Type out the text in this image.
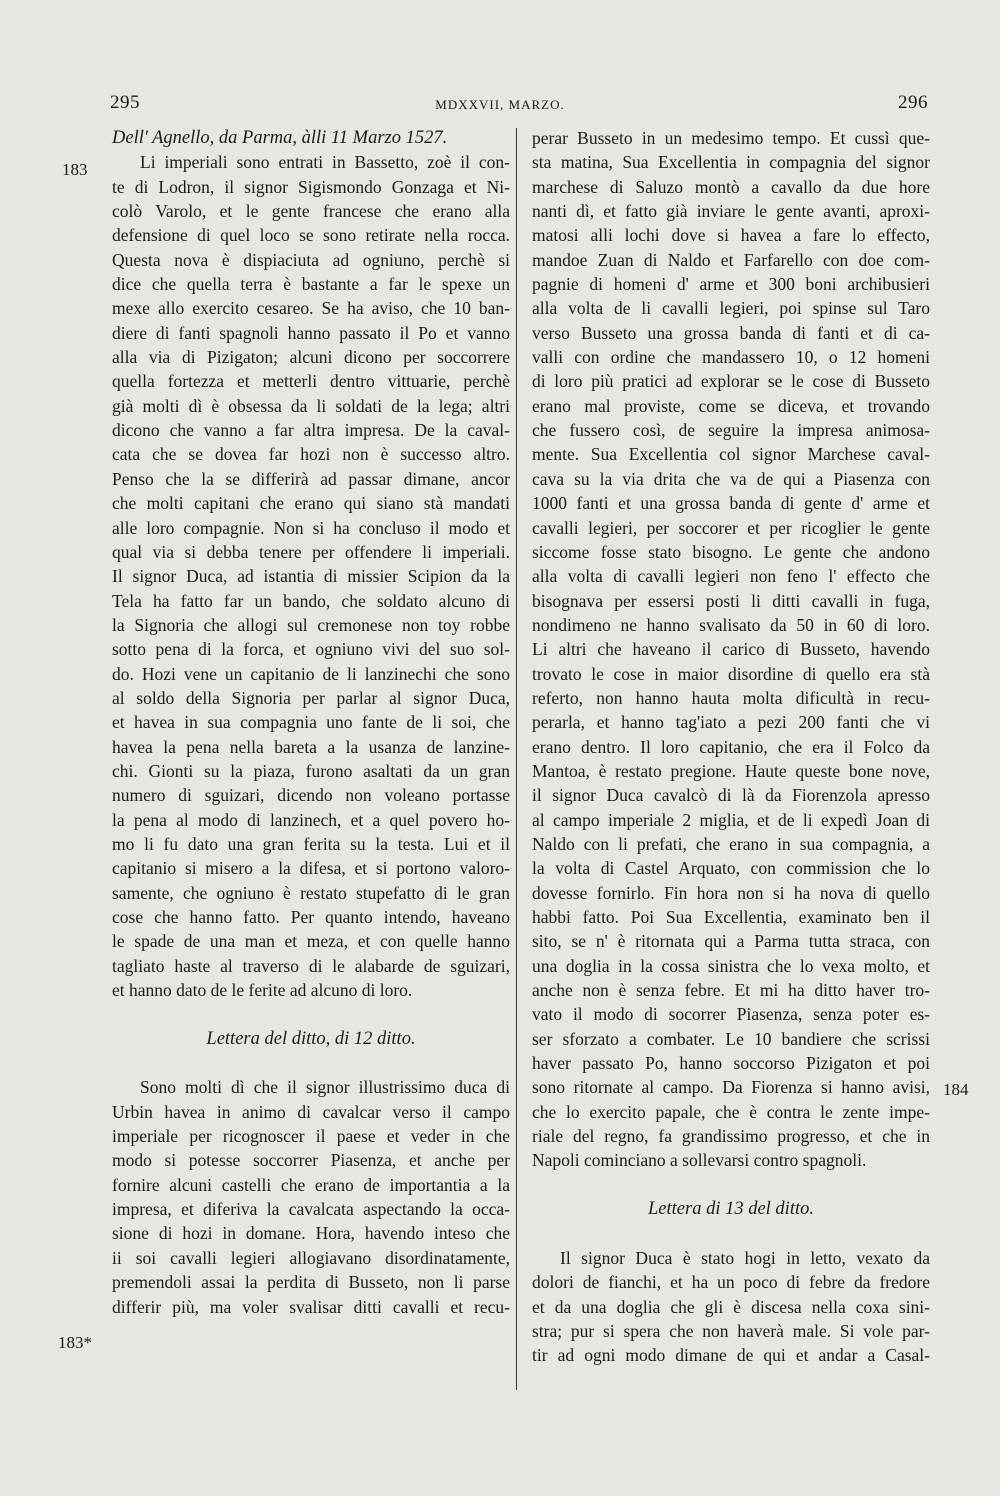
295	MDXXVII, MARZO.	296
183
183*
184
Dell' Agnello, da Parma, àlli 11 Marzo 1527.
Li imperiali sono entrati in Bassetto, zoè il con-
te di Lodron, il signor Sigismondo Gonzaga et Ni-
colò Varolo, et le gente francese che erano alla
defensione di quel loco se sono retirate nella rocca.
Questa nova è dispiaciuta ad ogniuno, perchè si
dice che quella terra è bastante a far le spexe un
mexe allo exercito cesareo. Se ha aviso, che 10 ban-
diere di fanti spagnoli hanno passato il Po et vanno
alla via di Pizigaton; alcuni dicono per soccorrere
quella fortezza et metterli dentro vittuarie, perchè
già molti dì è obsessa da li soldati de la lega; altri
dicono che vanno a far altra impresa. De la caval-
cata che se dovea far hozi non è successo altro.
Penso che la se differirà ad passar dimane, ancor
che molti capitani che erano qui siano stà mandati
alle loro compagnie. Non si ha concluso il modo et
qual via si debba tenere per offendere li imperiali.
Il signor Duca, ad istantia di missier Scipion da la
Tela ha fatto far un bando, che soldato alcuno di
la Signoria che allogi sul cremonese non toy robbe
sotto pena di la forca, et ogniuno vivi del suo sol-
do. Hozi vene un capitanio de li lanzinechi che sono
al soldo della Signoria per parlar al signor Duca,
et havea in sua compagnia uno fante de li soi, che
havea la pena nella bareta a la usanza de lanzine-
chi. Gionti su la piaza, furono asaltati da un gran
numero di sguizari, dicendo non voleano portasse
la pena al modo di lanzinech, et a quel povero ho-
mo li fu dato una gran ferita su la testa. Lui et il
capitanio si misero a la difesa, et si portono valoro-
samente, che ogniuno è restato stupefatto di le gran
cose che hanno fatto. Per quanto intendo, haveano
le spade de una man et meza, et con quelle hanno
tagliato haste al traverso di le alabarde de sguizari,
et hanno dato de le ferite ad alcuno di loro.
Lettera del ditto, di 12 ditto.
Sono molti dì che il signor illustrissimo duca di
Urbin havea in animo di cavalcar verso il campo
imperiale per ricognoscer il paese et veder in che
modo si potesse soccorrer Piasenza, et anche per
fornire alcuni castelli che erano de importantia a la
impresa, et diferiva la cavalcata aspectando la occa-
sione di hozi in domane. Hora, havendo inteso che
ii soi cavalli legieri allogiavano disordinatamente,
premendoli assai la perdita di Busseto, non li parse
differir più, ma voler svalisar ditti cavalli et recu-
perar Busseto in un medesimo tempo. Et cussì que-
sta matina, Sua Excellentia in compagnia del signor
marchese di Saluzo montò a cavallo da due hore
nanti dì, et fatto già inviare le gente avanti, aproxi-
matosi alli lochi dove si havea a fare lo effecto,
mandoe Zuan di Naldo et Farfarello con doe com-
pagnie di homeni d' arme et 300 boni archibusieri
alla volta de li cavalli legieri, poi spinse sul Taro
verso Busseto una grossa banda di fanti et di ca-
valli con ordine che mandassero 10, o 12 homeni
di loro più pratici ad explorar se le cose di Busseto
erano mal proviste, come se diceva, et trovando
che fussero così, de seguire la impresa animosa-
mente. Sua Excellentia col signor Marchese caval-
cava su la via drita che va de qui a Piasenza con
1000 fanti et una grossa banda di gente d' arme et
cavalli legieri, per soccorer et per ricoglier le gente
siccome fosse stato bisogno. Le gente che andono
alla volta di cavalli legieri non feno l' effecto che
bisognava per essersi posti li ditti cavalli in fuga,
nondimeno ne hanno svalisato da 50 in 60 di loro.
Li altri che haveano il carico di Busseto, havendo
trovato le cose in maior disordine di quello era stà
referto, non hanno hauta molta dificultà in recu-
perarla, et hanno tag'iato a pezi 200 fanti che vi
erano dentro. Il loro capitanio, che era il Folco da
Mantoa, è restato pregione. Haute queste bone nove,
il signor Duca cavalcò di là da Fiorenzola apresso
al campo imperiale 2 miglia, et de li expedì Joan di
Naldo con li prefati, che erano in sua compagnia, a
la volta di Castel Arquato, con commission che lo
dovesse fornirlo. Fin hora non si ha nova di quello
habbi fatto. Poi Sua Excellentia, examinato ben il
sito, se n' è ritornata qui a Parma tutta straca, con
una doglia in la cossa sinistra che lo vexa molto, et
anche non è senza febre. Et mi ha ditto haver tro-
vato il modo di socorrer Piasenza, senza poter es-
ser sforzato a combater. Le 10 bandiere che scrissi
haver passato Po, hanno soccorso Pizigaton et poi
sono ritornate al campo. Da Fiorenza si hanno avisi,
che lo exercito papale, che è contra le zente impe-
riale del regno, fa grandissimo progresso, et che in
Napoli cominciano a sollevarsi contro spagnoli.
Lettera di 13 del ditto.
Il signor Duca è stato hogi in letto, vexato da
dolori de fianchi, et ha un poco di febre da fredore
et da una doglia che gli è discesa nella coxa sini-
stra; pur si spera che non haverà male. Si vole par-
tir ad ogni modo dimane de qui et andar a Casal-
